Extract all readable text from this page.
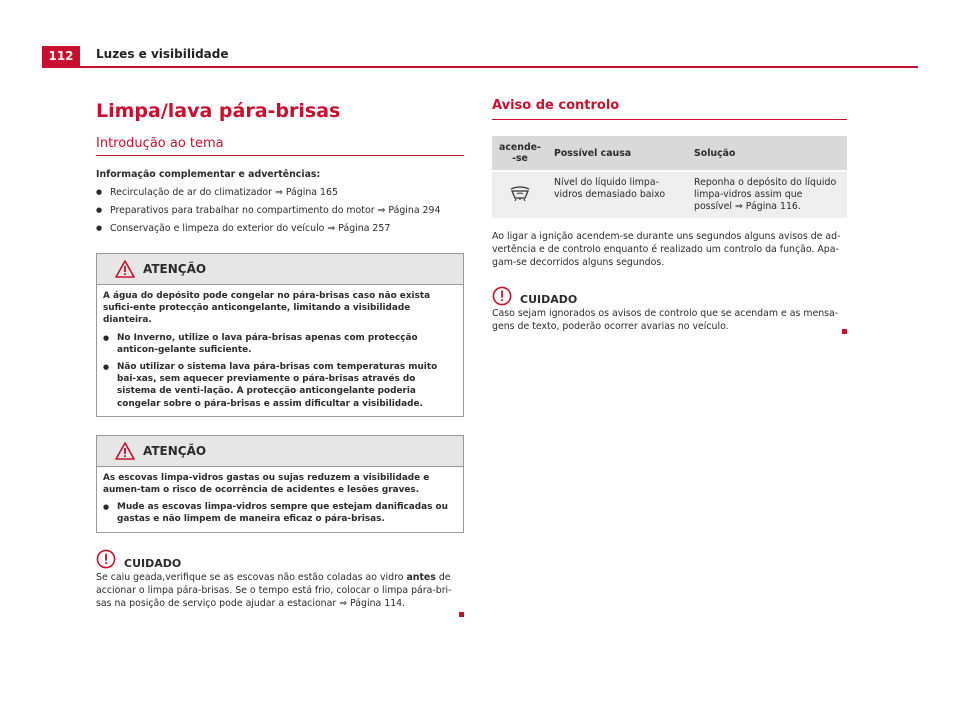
112	Luzes e visibilidade
Limpa/lava pára-brisas
Introdução ao tema

Informação complementar e advertências:

● Recirculação de ar do climatizador ⇒ Página 165
● Preparativos para trabalhar no compartimento do motor ⇒ Página 294
● Conservação e limpeza do exterior do veículo ⇒ Página 257
ATENÇÃO

A água do depósito pode congelar no pára-brisas caso não exista sufici-ente protecção anticongelante, limitando a visibilidade dianteira.

● No Inverno, utilize o lava pára-brisas apenas com protecção anticon-gelante suficiente.
● Não utilizar o sistema lava pára-brisas com temperaturas muito bai-xas, sem aquecer previamente o pára-brisas através do sistema de venti-lação. A protecção anticongelante poderia congelar sobre o pára-brisas e assim dificultar a visibilidade.
ATENÇÃO

As escovas limpa-vidros gastas ou sujas reduzem a visibilidade e aumen-tam o risco de ocorrência de acidentes e lesões graves.

● Mude as escovas limpa-vidros sempre que estejam danificadas ou gastas e não limpem de maneira eficaz o pára-brisas.
CUIDADO

Se caiu geada,verifique se as escovas não estão coladas ao vidro antes de accionar o limpa pára-brisas. Se o tempo está frio, colocar o limpa pára-bri-sas na posição de serviço pode ajudar a estacionar ⇒ Página 114.

Aviso de controlo
acende-
-se	Possível causa	Solução
	Nível do líquido limpa-vidros demasiado baixo	Reponha o depósito do líquido limpa-vidros assim que possível ⇒ Página 116.

Ao ligar a ignição acendem-se durante uns segundos alguns avisos de ad-vertência e de controlo enquanto é realizado um controlo da função. Apa-gam-se decorridos alguns segundos.

CUIDADO

Caso sejam ignorados os avisos de controlo que se acendam e as mensa-gens de texto, poderão ocorrer avarias no veículo.
